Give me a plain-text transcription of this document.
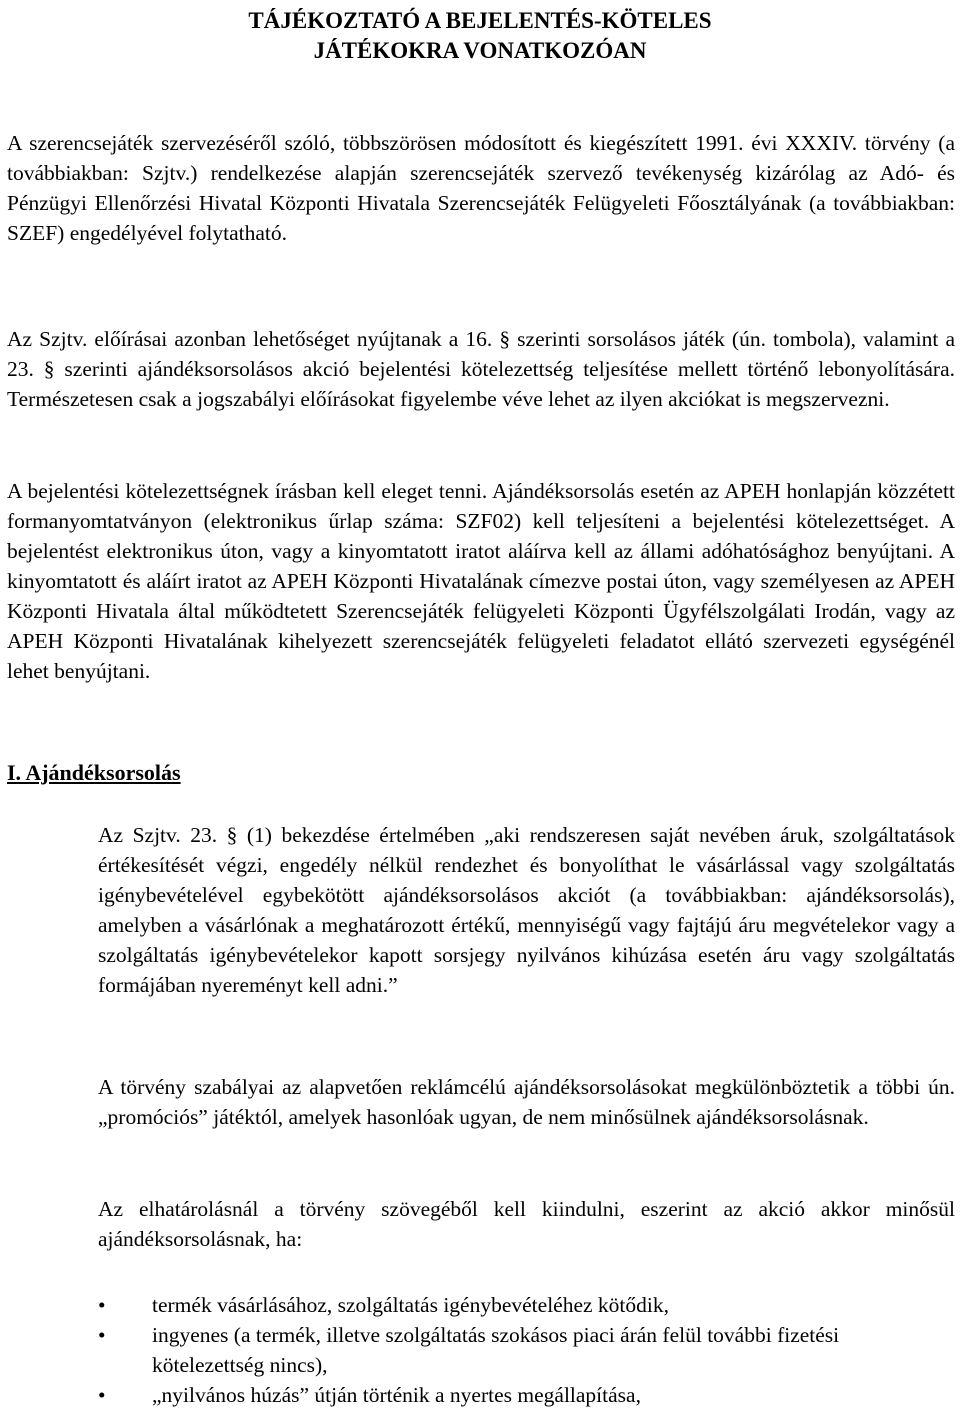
TÁJÉKOZTATÓ A BEJELENTÉS-KÖTELES
JÁTÉKOKRA VONATKOZÓAN

A szerencsejáték szervezéséről szóló, többszörösen módosított és kiegészített 1991. évi XXXIV. törvény (a továbbiakban: Szjtv.) rendelkezése alapján szerencsejáték szervező tevékenység kizárólag az Adó- és Pénzügyi Ellenőrzési Hivatal Központi Hivatala Szerencsejáték Felügyeleti Főosztályának (a továbbiakban: SZEF) engedélyével folytatható.

Az Szjtv. előírásai azonban lehetőséget nyújtanak a 16. § szerinti sorsolásos játék (ún. tombola), valamint a 23. § szerinti ajándéksorsolásos akció bejelentési kötelezettség teljesítése mellett történő lebonyolítására. Természetesen csak a jogszabályi előírásokat figyelembe véve lehet az ilyen akciókat is megszervezni.

A bejelentési kötelezettségnek írásban kell eleget tenni. Ajándéksorsolás esetén az APEH honlapján közzétett formanyomtatványon (elektronikus űrlap száma: SZF02) kell teljesíteni a bejelentési kötelezettséget. A bejelentést elektronikus úton, vagy a kinyomtatott iratot aláírva kell az állami adóhatósághoz benyújtani. A kinyomtatott és aláírt iratot az APEH Központi Hivatalának címezve postai úton, vagy személyesen az APEH Központi Hivatala által működtetett Szerencsejáték felügyeleti Központi Ügyfélszolgálati Irodán, vagy az APEH Központi Hivatalának kihelyezett szerencsejáték felügyeleti feladatot ellátó szervezeti egységénél lehet benyújtani.

I. Ajándéksorsolás

Az Szjtv. 23. § (1) bekezdése értelmében „aki rendszeresen saját nevében áruk, szolgáltatások értékesítését végzi, engedély nélkül rendezhet és bonyolíthat le vásárlással vagy szolgáltatás igénybevételével egybekötött ajándéksorsolásos akciót (a továbbiakban: ajándéksorsolás), amelyben a vásárlónak a meghatározott értékű, mennyiségű vagy fajtájú áru megvételekor vagy a szolgáltatás igénybevételekor kapott sorsjegy nyilvános kihúzása esetén áru vagy szolgáltatás formájában nyereményt kell adni.”

A törvény szabályai az alapvetően reklámcélú ajándéksorsolásokat megkülönböztetik a többi ún. „promóciós” játéktól, amelyek hasonlóak ugyan, de nem minősülnek ajándéksorsolásnak.

Az elhatárolásnál a törvény szövegéből kell kiindulni, eszerint az akció akkor minősül ajándéksorsolásnak, ha:

• termék vásárlásához, szolgáltatás igénybevételéhez kötődik,
• ingyenes (a termék, illetve szolgáltatás szokásos piaci árán felül további fizetési kötelezettség nincs),
• „nyilvános húzás” útján történik a nyertes megállapítása,
